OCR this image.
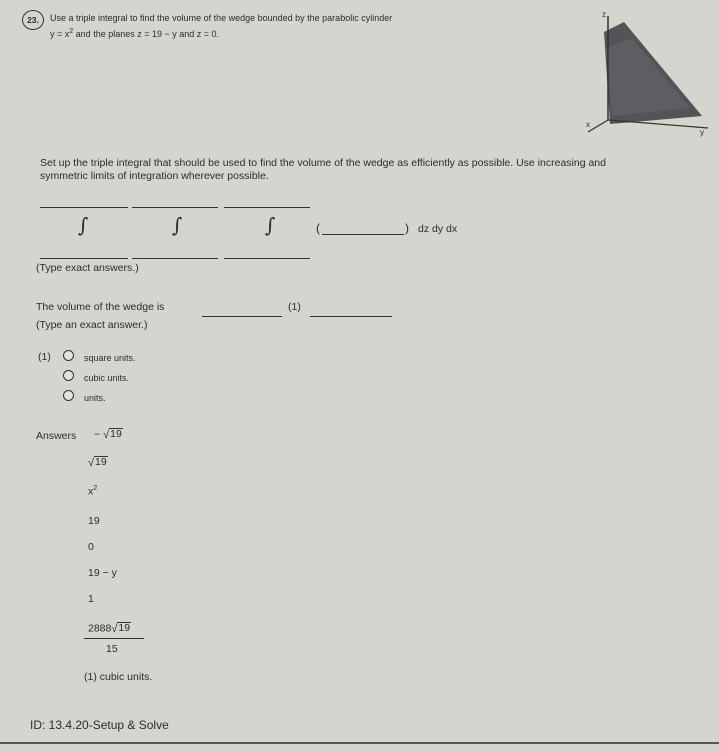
23.	Use a triple integral to find the volume of the wedge bounded by the parabolic cylinder
$y = x^2$ and the planes z = 19 − y and z = 0.
z
x
y
Set up the triple integral that should be used to find the volume of the wedge as efficiently as possible. Use increasing and
symmetric limits of integration wherever possible.
∫	∫	∫	(	) dz dy dx
(Type exact answers.)
The volume of the wedge is	(1)
(Type an exact answer.)
(1)	square units.
cubic units.
units.
Answers − √ 19
√ 19
$x^2$
19
0
19 − y
1
2888 √ 19
15
(1) cubic units.
ID: 13.4.20-Setup & Solve
